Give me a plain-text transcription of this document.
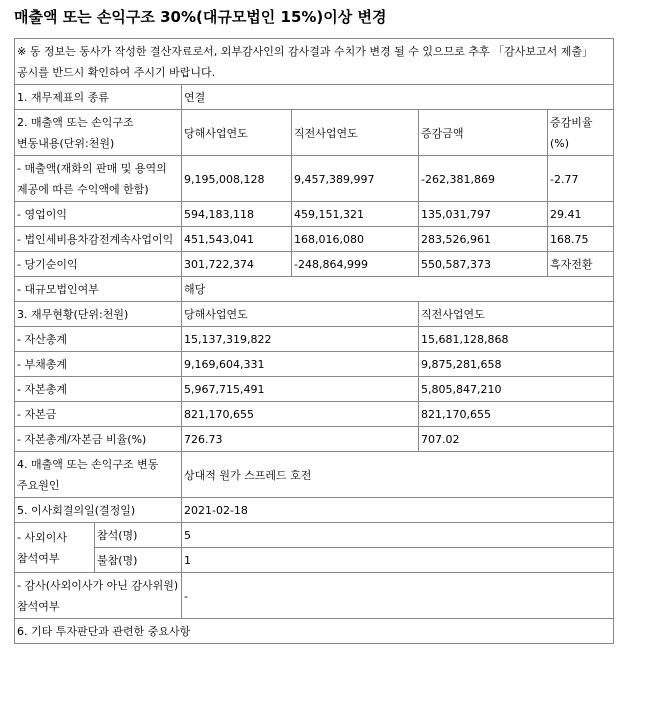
매출액 또는 손익구조 30%(대규모법인 15%)이상 변경
※ 동 정보는 동사가 작성한 결산자료로서, 외부감사인의 감사결과 수치가 변경 될 수 있으므로 추후 「감사보고서 제출」공시를 반드시 확인하여 주시기 바랍니다.					
1. 재무제표의 종류		연결			
2. 매출액 또는 손익구조 변동내용(단위:천원)		당해사업연도	직전사업연도	증감금액	증감비율(%)
- 매출액(재화의 판매 및 용역의 제공에 따른 수익액에 한함)		9,195,008,128	9,457,389,997	-262,381,869	-2.77
- 영업이익		594,183,118	459,151,321	135,031,797	29.41
- 법인세비용차감전계속사업이익		451,543,041	168,016,080	283,526,961	168.75
- 당기순이익		301,722,374	-248,864,999	550,587,373	흑자전환
- 대규모법인여부		해당			
3. 재무현황(단위:천원)		당해사업연도		직전사업연도	
- 자산총계		15,137,319,822		15,681,128,868	
- 부채총계		9,169,604,331		9,875,281,658	
- 자본총계		5,967,715,491		5,805,847,210	
- 자본금		821,170,655		821,170,655	
- 자본총계/자본금 비율(%)		726.73		707.02	
4. 매출액 또는 손익구조 변동 주요원인		상대적 원가 스프레드 호전			
5. 이사회결의일(결정일)		2021-02-18			
- 사외이사 참석여부	참석(명)	5			
	불참(명)	1			
- 감사(사외이사가 아닌 감사위원) 참석여부		-			
6. 기타 투자판단과 관련한 중요사항					
